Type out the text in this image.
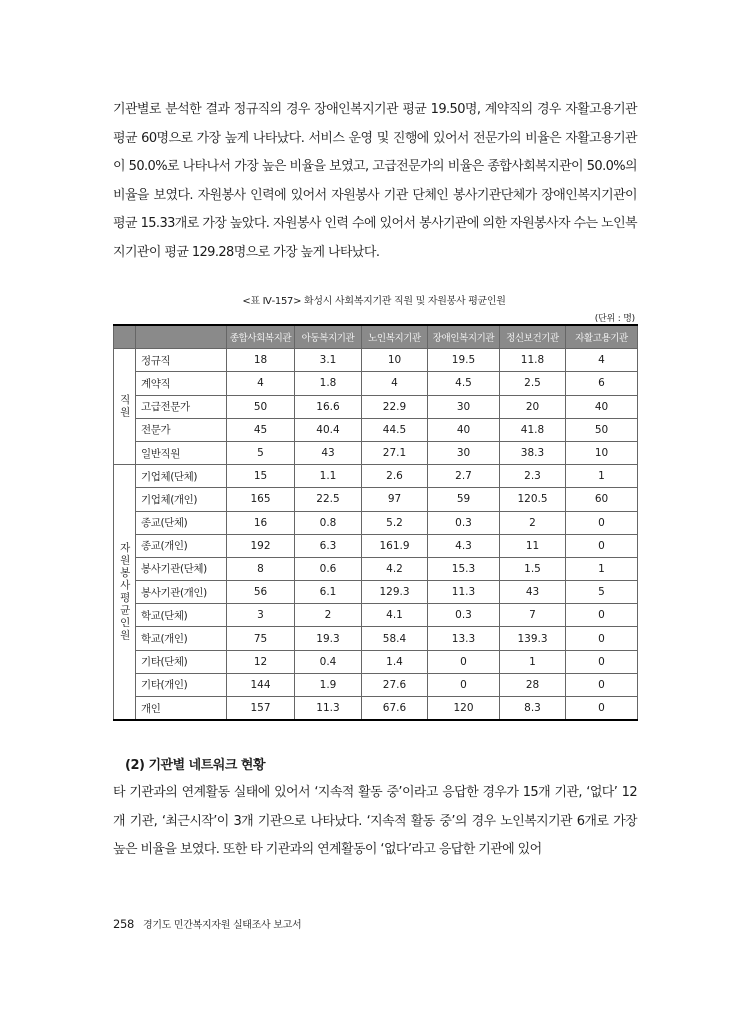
기관별로 분석한 결과 정규직의 경우 장애인복지기관 평균 19.50명, 계약직의 경우 자활고용기관 평균 60명으로 가장 높게 나타났다. 서비스 운영 및 진행에 있어서 전문가의 비율은 자활고용기관이 50.0%로 나타나서 가장 높은 비율을 보였고, 고급전문가의 비율은 종합사회복지관이 50.0%의 비율을 보였다. 자원봉사 인력에 있어서 자원봉사 기관 단체인 봉사기관단체가 장애인복지기관이 평균 15.33개로 가장 높았다. 자원봉사 인력 수에 있어서 봉사기관에 의한 자원봉사자 수는 노인복지기관이 평균 129.28명으로 가장 높게 나타났다.

<표 Ⅳ-157> 화성시 사회복지기관 직원 및 자원봉사 평균인원
(단위 : 명)
		종합사회복지관	아동복지기관	노인복지기관	장애인복지기관	정신보건기관	자활고용기관
직원	정규직	18	3.1	10	19.5	11.8	4
	계약직	4	1.8	4	4.5	2.5	6
	고급전문가	50	16.6	22.9	30	20	40
	전문가	45	40.4	44.5	40	41.8	50
	일반직원	5	43	27.1	30	38.3	10
자원봉사평균인원	기업체(단체)	15	1.1	2.6	2.7	2.3	1
	기업체(개인)	165	22.5	97	59	120.5	60
	종교(단체)	16	0.8	5.2	0.3	2	0
	종교(개인)	192	6.3	161.9	4.3	11	0
	봉사기관(단체)	8	0.6	4.2	15.3	1.5	1
	봉사기관(개인)	56	6.1	129.3	11.3	43	5
	학교(단체)	3	2	4.1	0.3	7	0
	학교(개인)	75	19.3	58.4	13.3	139.3	0
	기타(단체)	12	0.4	1.4	0	1	0
	기타(개인)	144	1.9	27.6	0	28	0
	개인	157	11.3	67.6	120	8.3	0
(2) 기관별 네트워크 현황

타 기관과의 연계활동 실태에 있어서 ‘지속적 활동 중’이라고 응답한 경우가 15개 기관, ‘없다’ 12개 기관, ‘최근시작’이 3개 기관으로 나타났다. ‘지속적 활동 중’의 경우 노인복지기관 6개로 가장 높은 비율을 보였다. 또한 타 기관과의 연계활동이 ‘없다’라고 응답한 기관에 있어

258 경기도 민간복지자원 실태조사 보고서
